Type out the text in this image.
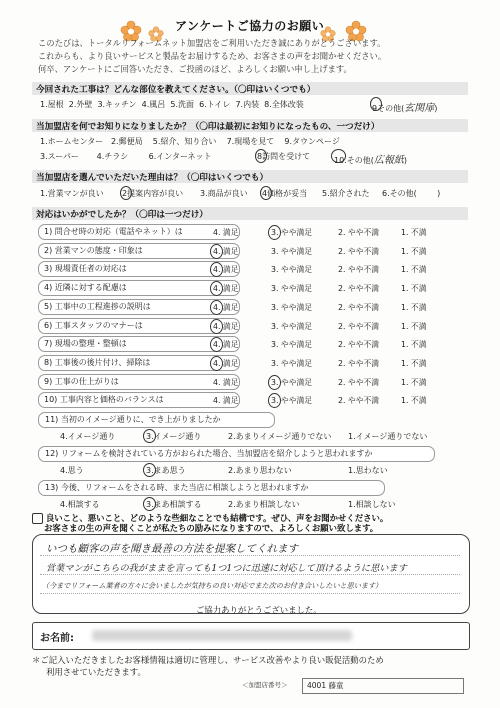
アンケートご協力のお願い
このたびは、トータルリフォームネット加盟店をご利用いただき誠にありがとうございます。
これからも、より良いサービスと製品をお届けするため、お客さまの声をお聞かせください。
何卒、アンケートにご回答いただき、ご投函のほど、よろしくお願い申し上げます。
今回された工事は？どんな部位を教えてください。（〇印はいくつでも）
1.屋根 2.外壁 3.キッチン 4.風呂 5.洗面 6.トイレ 7.内装 8.全体改装	9その他(玄関扉)
当加盟店を何でお知りになりましたか？（〇印は最初にお知りになったもの、一つだけ）
1.ホームセンター 2.郵便局 5.紹介、知り合い 7.現場を見て 9.タウンページ
3.スーパー 4.チラシ	6.インターネット	8訪問を受けて	10.その他(広報紙)
当加盟店を選んでいただいた理由は？（〇印はいくつでも）
1.営業マンが良い 2提案内容が良い 3.商品が良い 4価格が妥当 5.紹介された 6.その他(        )
対応はいかがでしたか？（〇印は一つだけ）
1) 問合せ時の対応（電話やネット）は	4. 満足	3. やや満足	2. やや不満	1. 不満
2) 営業マンの態度・印象は	4. 満足	3. やや満足	2. やや不満	1. 不満
3) 現場責任者の対応は	4. 満足	3. やや満足	2. やや不満	1. 不満
4) 近隣に対する配慮は	4. 満足	3. やや満足	2. やや不満	1. 不満
5) 工事中の工程進捗の説明は	4. 満足	3. やや満足	2. やや不満	1. 不満
6) 工事スタッフのマナーは	4. 満足	3. やや満足	2. やや不満	1. 不満
7) 現場の整理・整頓は	4. 満足	3. やや満足	2. やや不満	1. 不満
8) 工事後の後片付け、掃除は	4. 満足	3. やや満足	2. やや不満	1. 不満
9) 工事の仕上がりは	4. 満足	3. やや満足	2. やや不満	1. 不満
10) 工事内容と価格のバランスは	4. 満足	3. やや満足	2. やや不満	1. 不満
11) 当初のイメージ通りに、でき上がりましたか
4.イメージ通り	3.イメージ通り	2.あまりイメージ通りでない 1.イメージ通りでない
12) リフォームを検討されている方がおられた場合、当加盟店を紹介しようと思われますか
4.思う	3.まあ思う	2.あまり思わない	1.思わない
13) 今後、リフォームをされる時、また当店に相談しようと思われますか
4.相談する	3.まあ相談する	2.あまり相談しない	1.相談しない
良いこと、悪いこと、どのような些細なことでも結構です。ぜひ、声をお聞かせください。
お客さまの生の声を聞くことが私たちの励みになりますので、よろしくお願い致します。
いつも顧客の声を聞き最善の方法を提案してくれます
営業マンがこちらの我がままを言っても1つ1つに迅速に対応して頂けるように思います
（今までリフォーム業者の方々に会いましたが気持ちの良い対応でまた次のお付き合いしたいと思います）
ご協力ありがとうございました。
お名前:
＊ご記入いただきましたお客様情報は適切に管理し、サービス改善やより良い販促活動のため
利用させていただきます。
＜加盟店番号＞	4001 藤童
